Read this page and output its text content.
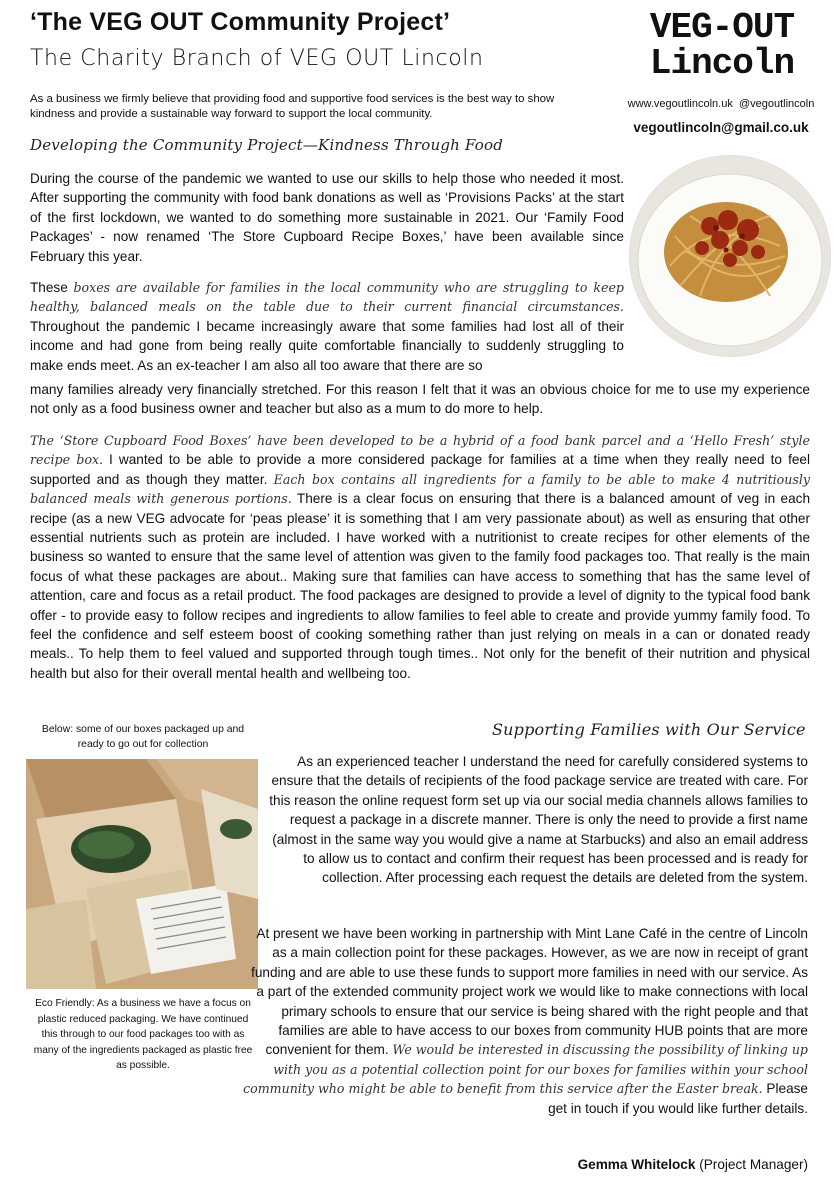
‘The VEG OUT Community Project’
The Charity Branch of VEG OUT Lincoln
As a business we firmly believe that providing food and supportive food services is the best way to show kindness and provide a sustainable way forward to support the local community.
VEG-OUT
Lincoln
www.vegoutlincoln.uk @vegoutlincoln
vegoutlincoln@gmail.co.uk
Developing the Community Project—Kindness Through Food
During the course of the pandemic we wanted to use our skills to help those who needed it most. After supporting the community with food bank donations as well as ‘Provisions Packs’ at the start of the first lockdown, we wanted to do something more sustainable in 2021. Our ‘Family Food Packages’ - now renamed ‘The Store Cupboard Recipe Boxes,’ have been available since February this year.
These boxes are available for families in the local community who are struggling to keep healthy, balanced meals on the table due to their current financial circumstances. Throughout the pandemic I became increasingly aware that some families had lost all of their income and had gone from being really quite comfortable financially to suddenly struggling to make ends meet. As an ex-teacher I am also all too aware that there are so
many families already very financially stretched. For this reason I felt that it was an obvious choice for me to use my experience not only as a food business owner and teacher but also as a mum to do more to help.
The ‘Store Cupboard Food Boxes’ have been developed to be a hybrid of a food bank parcel and a ‘Hello Fresh’ style recipe box. I wanted to be able to provide a more considered package for families at a time when they really need to feel supported and as though they matter. Each box contains all ingredients for a family to be able to make 4 nutritiously balanced meals with generous portions. There is a clear focus on ensuring that there is a balanced amount of veg in each recipe (as a new VEG advocate for ‘peas please’ it is something that I am very passionate about) as well as ensuring that other essential nutrients such as protein are included. I have worked with a nutritionist to create recipes for other elements of the business so wanted to ensure that the same level of attention was given to the family food packages too. That really is the main focus of what these packages are about.. Making sure that families can have access to something that has the same level of attention, care and focus as a retail product. The food packages are designed to provide a level of dignity to the typical food bank offer - to provide easy to follow recipes and ingredients to allow families to feel able to create and provide yummy family food. To feel the confidence and self esteem boost of cooking something rather than just relying on meals in a can or donated ready meals.. To help them to feel valued and supported through tough times.. Not only for the benefit of their nutrition and physical health but also for their overall mental health and wellbeing too.
Below: some of our boxes packaged up and ready to go out for collection
Eco Friendly: As a business we have a focus on plastic reduced packaging. We have continued this through to our food packages too with as many of the ingredients packaged as plastic free as possible.
Supporting Families with Our Service
As an experienced teacher I understand the need for carefully considered systems to ensure that the details of recipients of the food package service are treated with care. For this reason the online request form set up via our social media channels allows families to request a package in a discrete manner. There is only the need to provide a first name (almost in the same way you would give a name at Starbucks) and also an email address to allow us to contact and confirm their request has been processed and is ready for collection. After processing each request the details are deleted from the system.
At present we have been working in partnership with Mint Lane Café in the centre of Lincoln as a main collection point for these packages. However, as we are now in receipt of grant funding and are able to use these funds to support more families in need with our service. As a part of the extended community project work we would like to make connections with local primary schools to ensure that our service is being shared with the right people and that families are able to have access to our boxes from community HUB points that are more convenient for them. We would be interested in discussing the possibility of linking up with you as a potential collection point for our boxes for families within your school community who might be able to benefit from this service after the Easter break. Please get in touch if you would like further details.
Gemma Whitelock (Project Manager)
